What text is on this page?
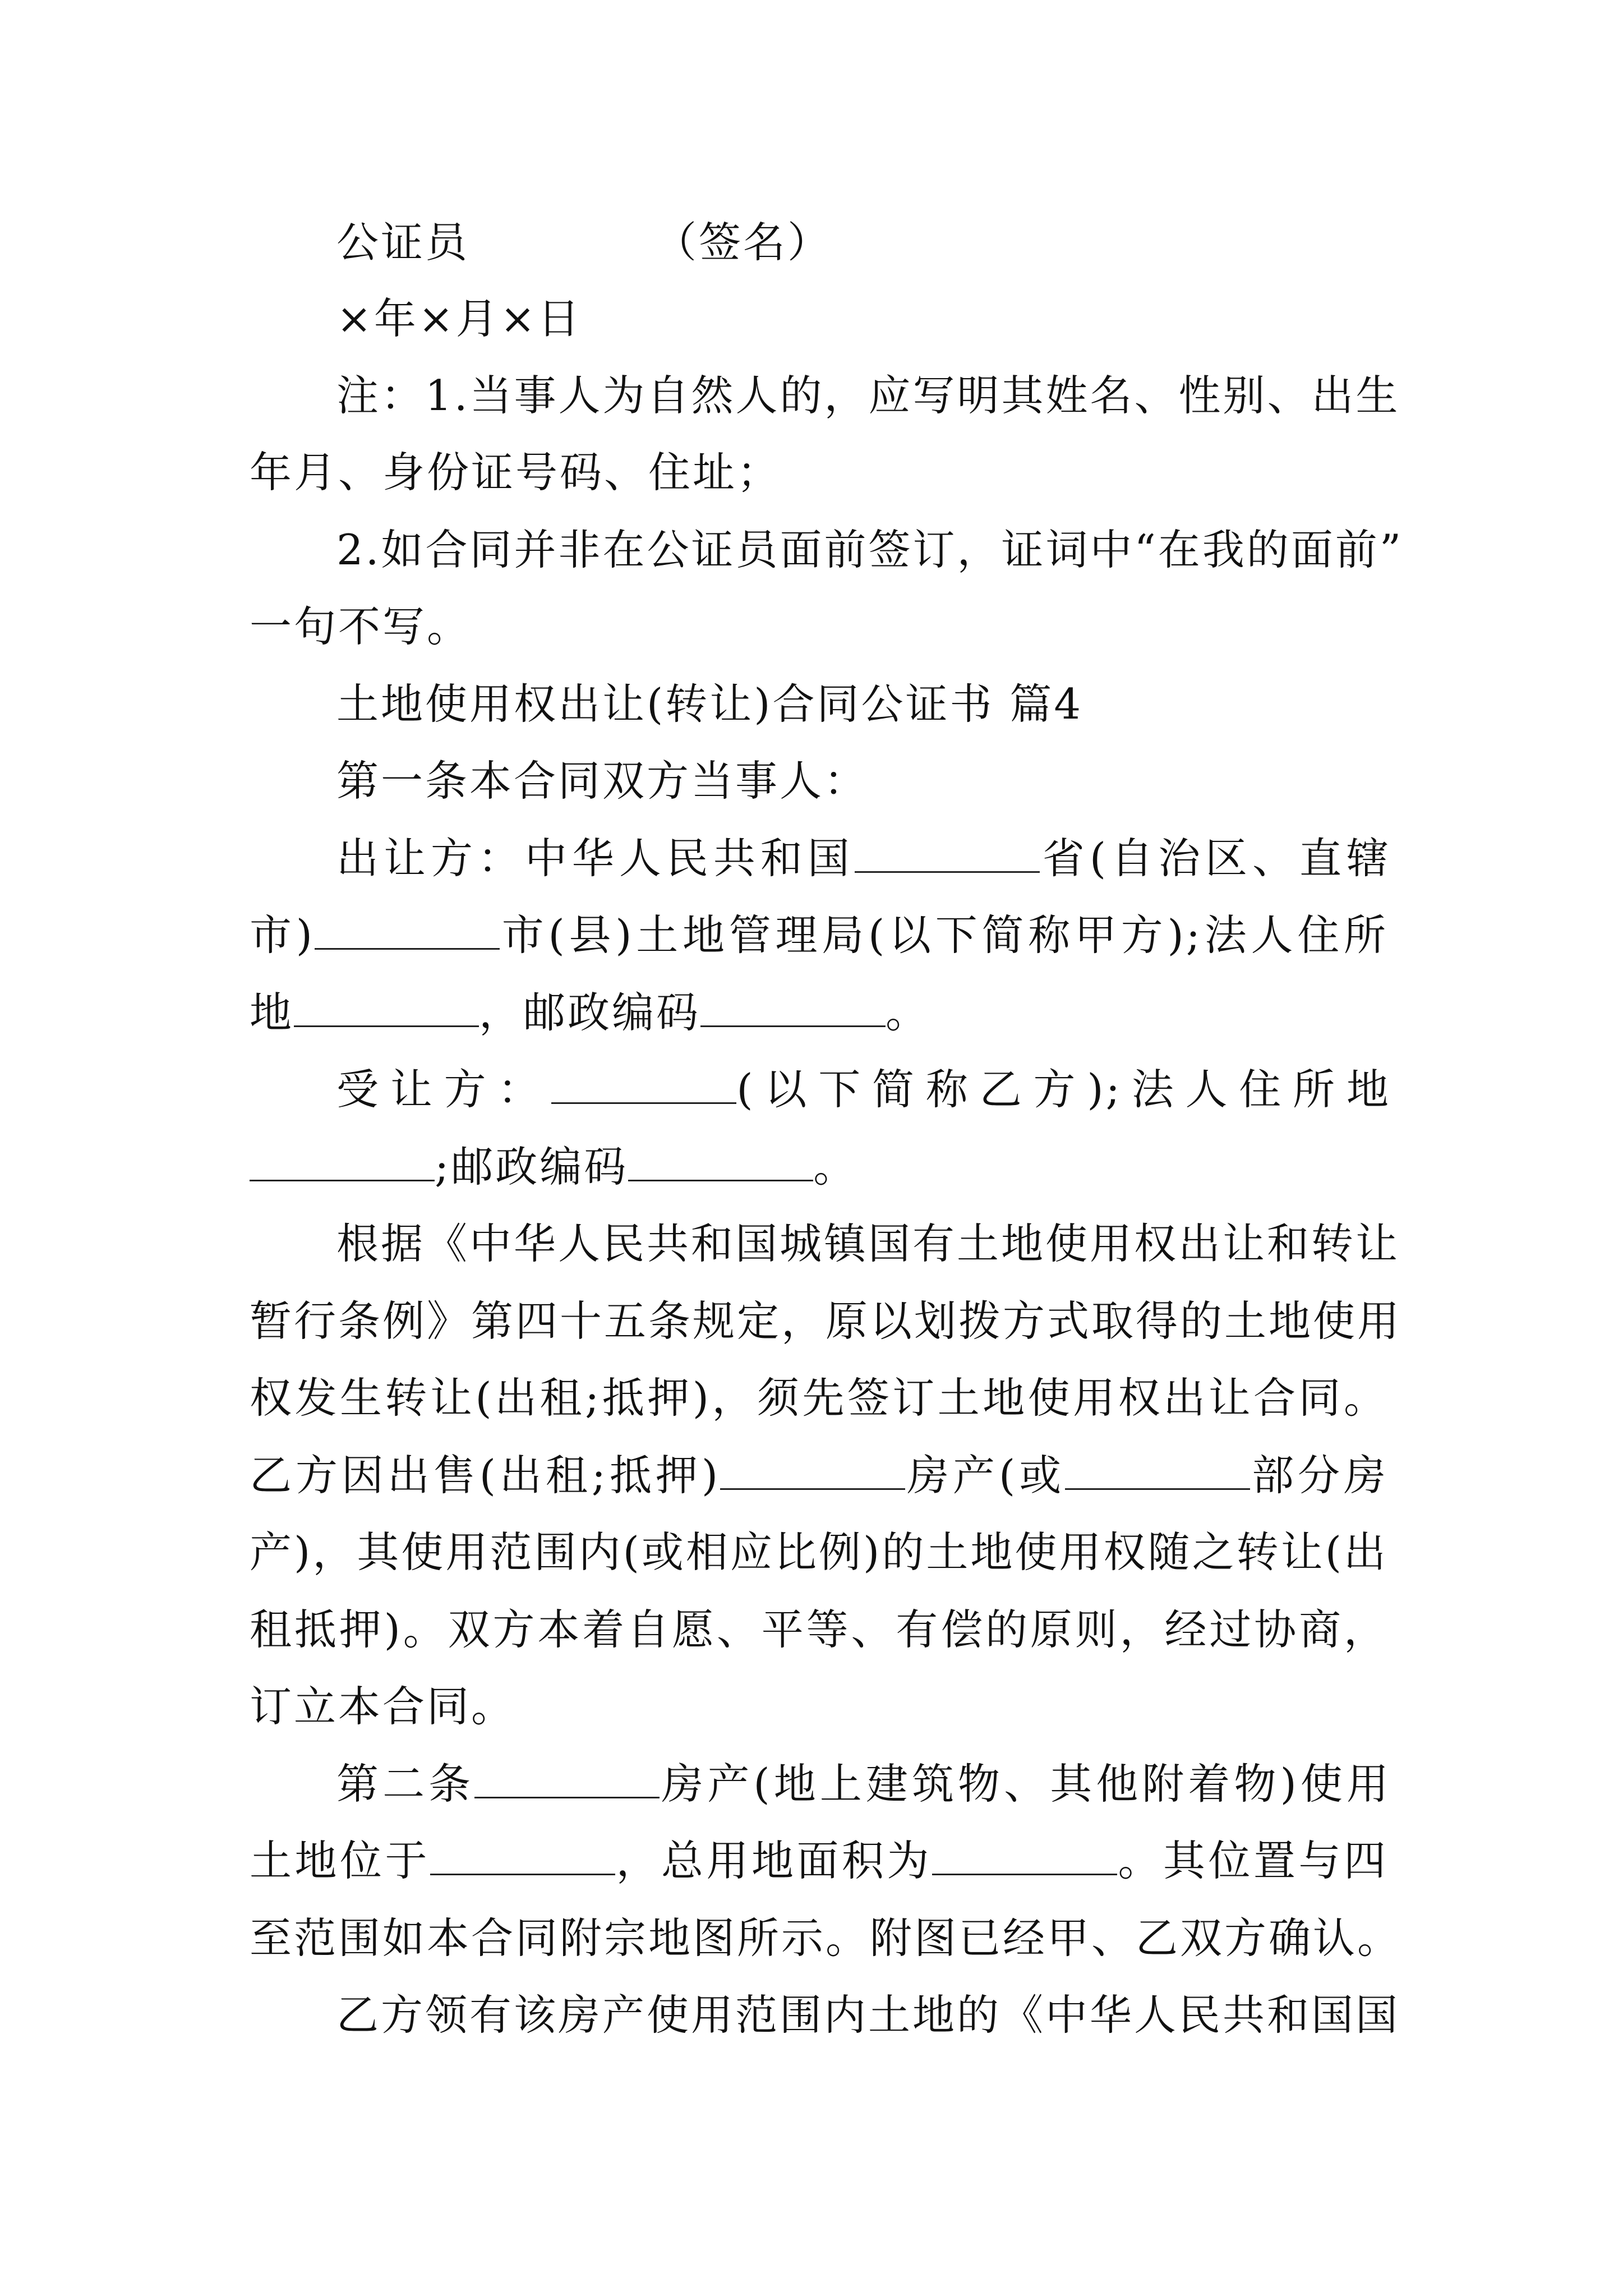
公证员	（签名）
×年×月×日
注：1.当事人为自然人的，应写明其姓名、性别、出生
年月、身份证号码、住址；
2.如合同并非在公证员面前签订，证词中“在我的面前”
一句不写。
土地使用权出让(转让)合同公证书 篇4
第一条本合同双方当事人：
出让方：中华人民共和国	省(自治区、直辖
市)	市(县)土地管理局(以下简称甲方);法人住所
地	，邮政编码	。
受让方：	(以下简称乙方);法人住所地
;邮政编码	。
根据《中华人民共和国城镇国有土地使用权出让和转让
暂行条例》第四十五条规定，原以划拨方式取得的土地使用
权发生转让(出租;抵押)，须先签订土地使用权出让合同。
乙方因出售(出租;抵押)	房产(或	部分房
产)，其使用范围内(或相应比例)的土地使用权随之转让(出
租抵押)。双方本着自愿、平等、有偿的原则，经过协商，
订立本合同。
第二条	房产(地上建筑物、其他附着物)使用
土地位于	，总用地面积为	。其位置与四
至范围如本合同附宗地图所示。附图已经甲、乙双方确认。
乙方领有该房产使用范围内土地的《中华人民共和国国
